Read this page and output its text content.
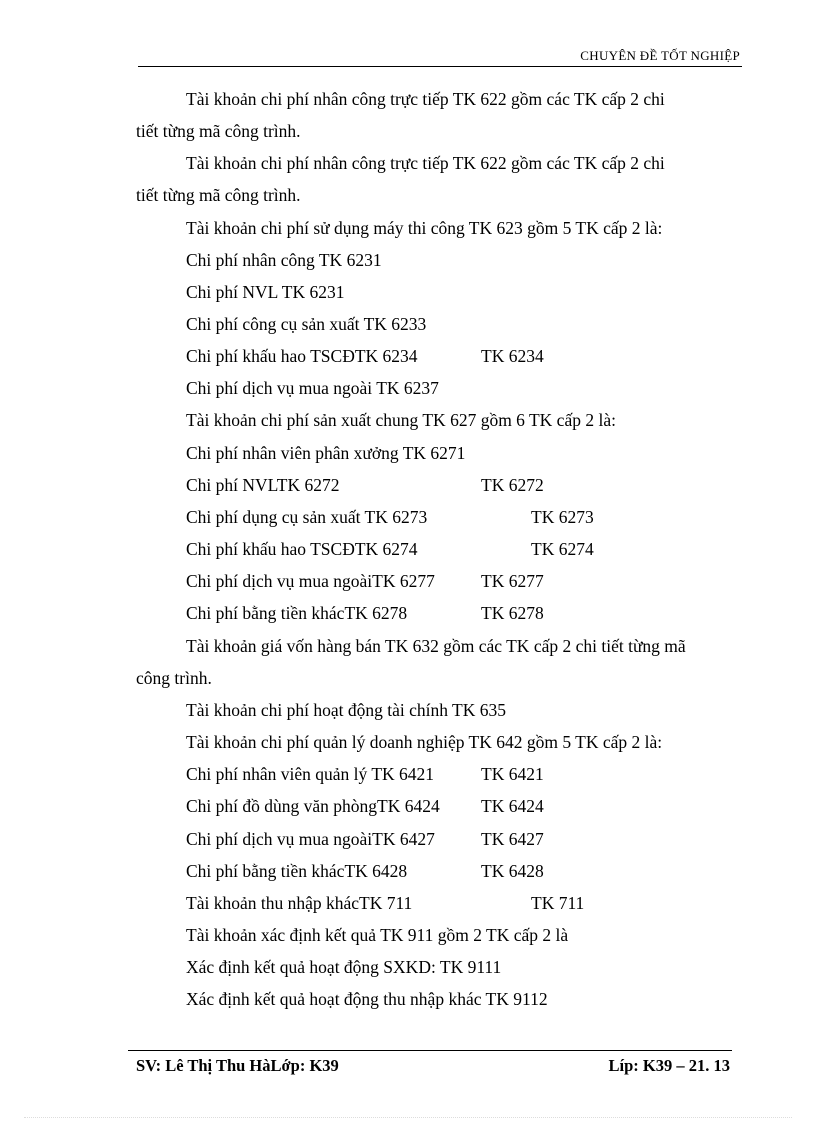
CHUYÊN ĐỀ TỐT NGHIỆP
Tài khoản chi phí nhân công trực tiếp TK 622 gồm các TK cấp 2 chi
tiết từng mã công trình.
Tài khoản chi phí nhân công trực tiếp TK 622 gồm các TK cấp 2 chi
tiết từng mã công trình.
Tài khoản chi phí sử dụng máy thi công TK 623 gồm 5 TK cấp 2 là:
Chi phí nhân công TK 6231
Chi phí NVL TK 6231
Chi phí công cụ sản xuất TK 6233
Chi phí khấu hao TSCĐTK 6234	TK 6234
Chi phí dịch vụ mua ngoài TK 6237
Tài khoản chi phí sản xuất chung TK 627 gồm 6 TK cấp 2 là:
Chi phí nhân viên phân xưởng TK 6271
Chi phí NVLTK 6272	TK 6272
Chi phí dụng cụ sản xuất TK 6273	TK 6273
Chi phí khấu hao TSCĐTK 6274	TK 6274
Chi phí dịch vụ mua ngoàiTK 6277	TK 6277
Chi phí bằng tiền khácTK 6278	TK 6278
Tài khoản giá vốn hàng bán TK 632 gồm các TK cấp 2 chi tiết từng mã
công trình.
Tài khoản chi phí hoạt động tài chính TK 635
Tài khoản chi phí quản lý doanh nghiệp TK 642 gồm 5 TK cấp 2 là:
Chi phí nhân viên quản lý TK 6421	TK 6421
Chi phí đồ dùng văn phòngTK 6424 TK 6424
Chi phí dịch vụ mua ngoàiTK 6427	TK 6427
Chi phí bằng tiền khácTK 6428	TK 6428
Tài khoản thu nhập khácTK 711	TK 711
Tài khoản xác định kết quả TK 911 gồm 2 TK cấp 2 là
Xác định kết quả hoạt động SXKD: TK 9111
Xác định kết quả hoạt động thu nhập khác TK 9112
SV: Lê Thị Thu HàLớp: K39	Líp: K39 – 21. 13
